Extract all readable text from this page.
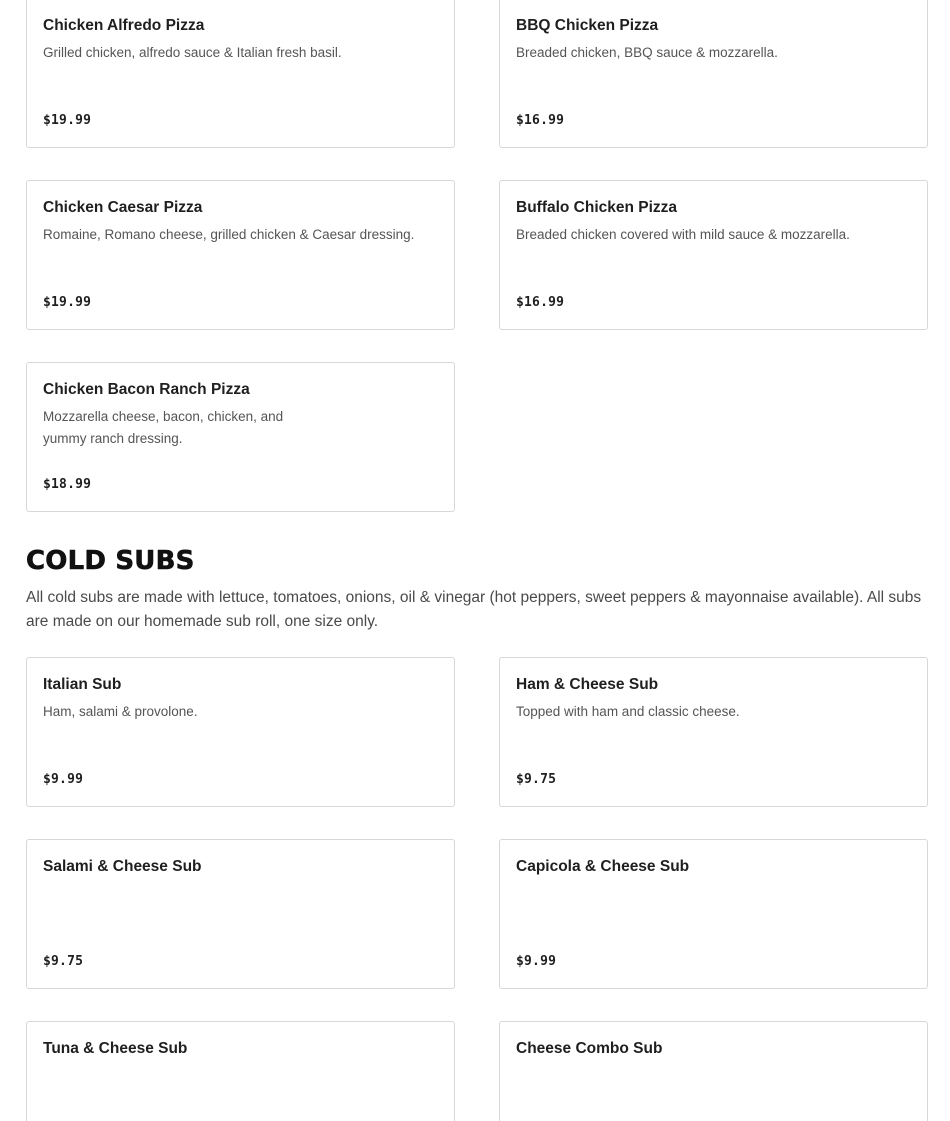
Chicken Alfredo Pizza
Grilled chicken, alfredo sauce & Italian fresh basil.
$19.99
BBQ Chicken Pizza
Breaded chicken, BBQ sauce & mozzarella.
$16.99
Chicken Caesar Pizza
Romaine, Romano cheese, grilled chicken & Caesar dressing.
$19.99
Buffalo Chicken Pizza
Breaded chicken covered with mild sauce & mozzarella.
$16.99
Chicken Bacon Ranch Pizza
Mozzarella cheese, bacon, chicken, and yummy ranch dressing.
$18.99
COLD SUBS
All cold subs are made with lettuce, tomatoes, onions, oil & vinegar (hot peppers, sweet peppers & mayonnaise available). All subs are made on our homemade sub roll, one size only.
Italian Sub
Ham, salami & provolone.
$9.99
Ham & Cheese Sub
Topped with ham and classic cheese.
$9.75
Salami & Cheese Sub
$9.75
Capicola & Cheese Sub
$9.99
Tuna & Cheese Sub	Cheese Combo Sub
